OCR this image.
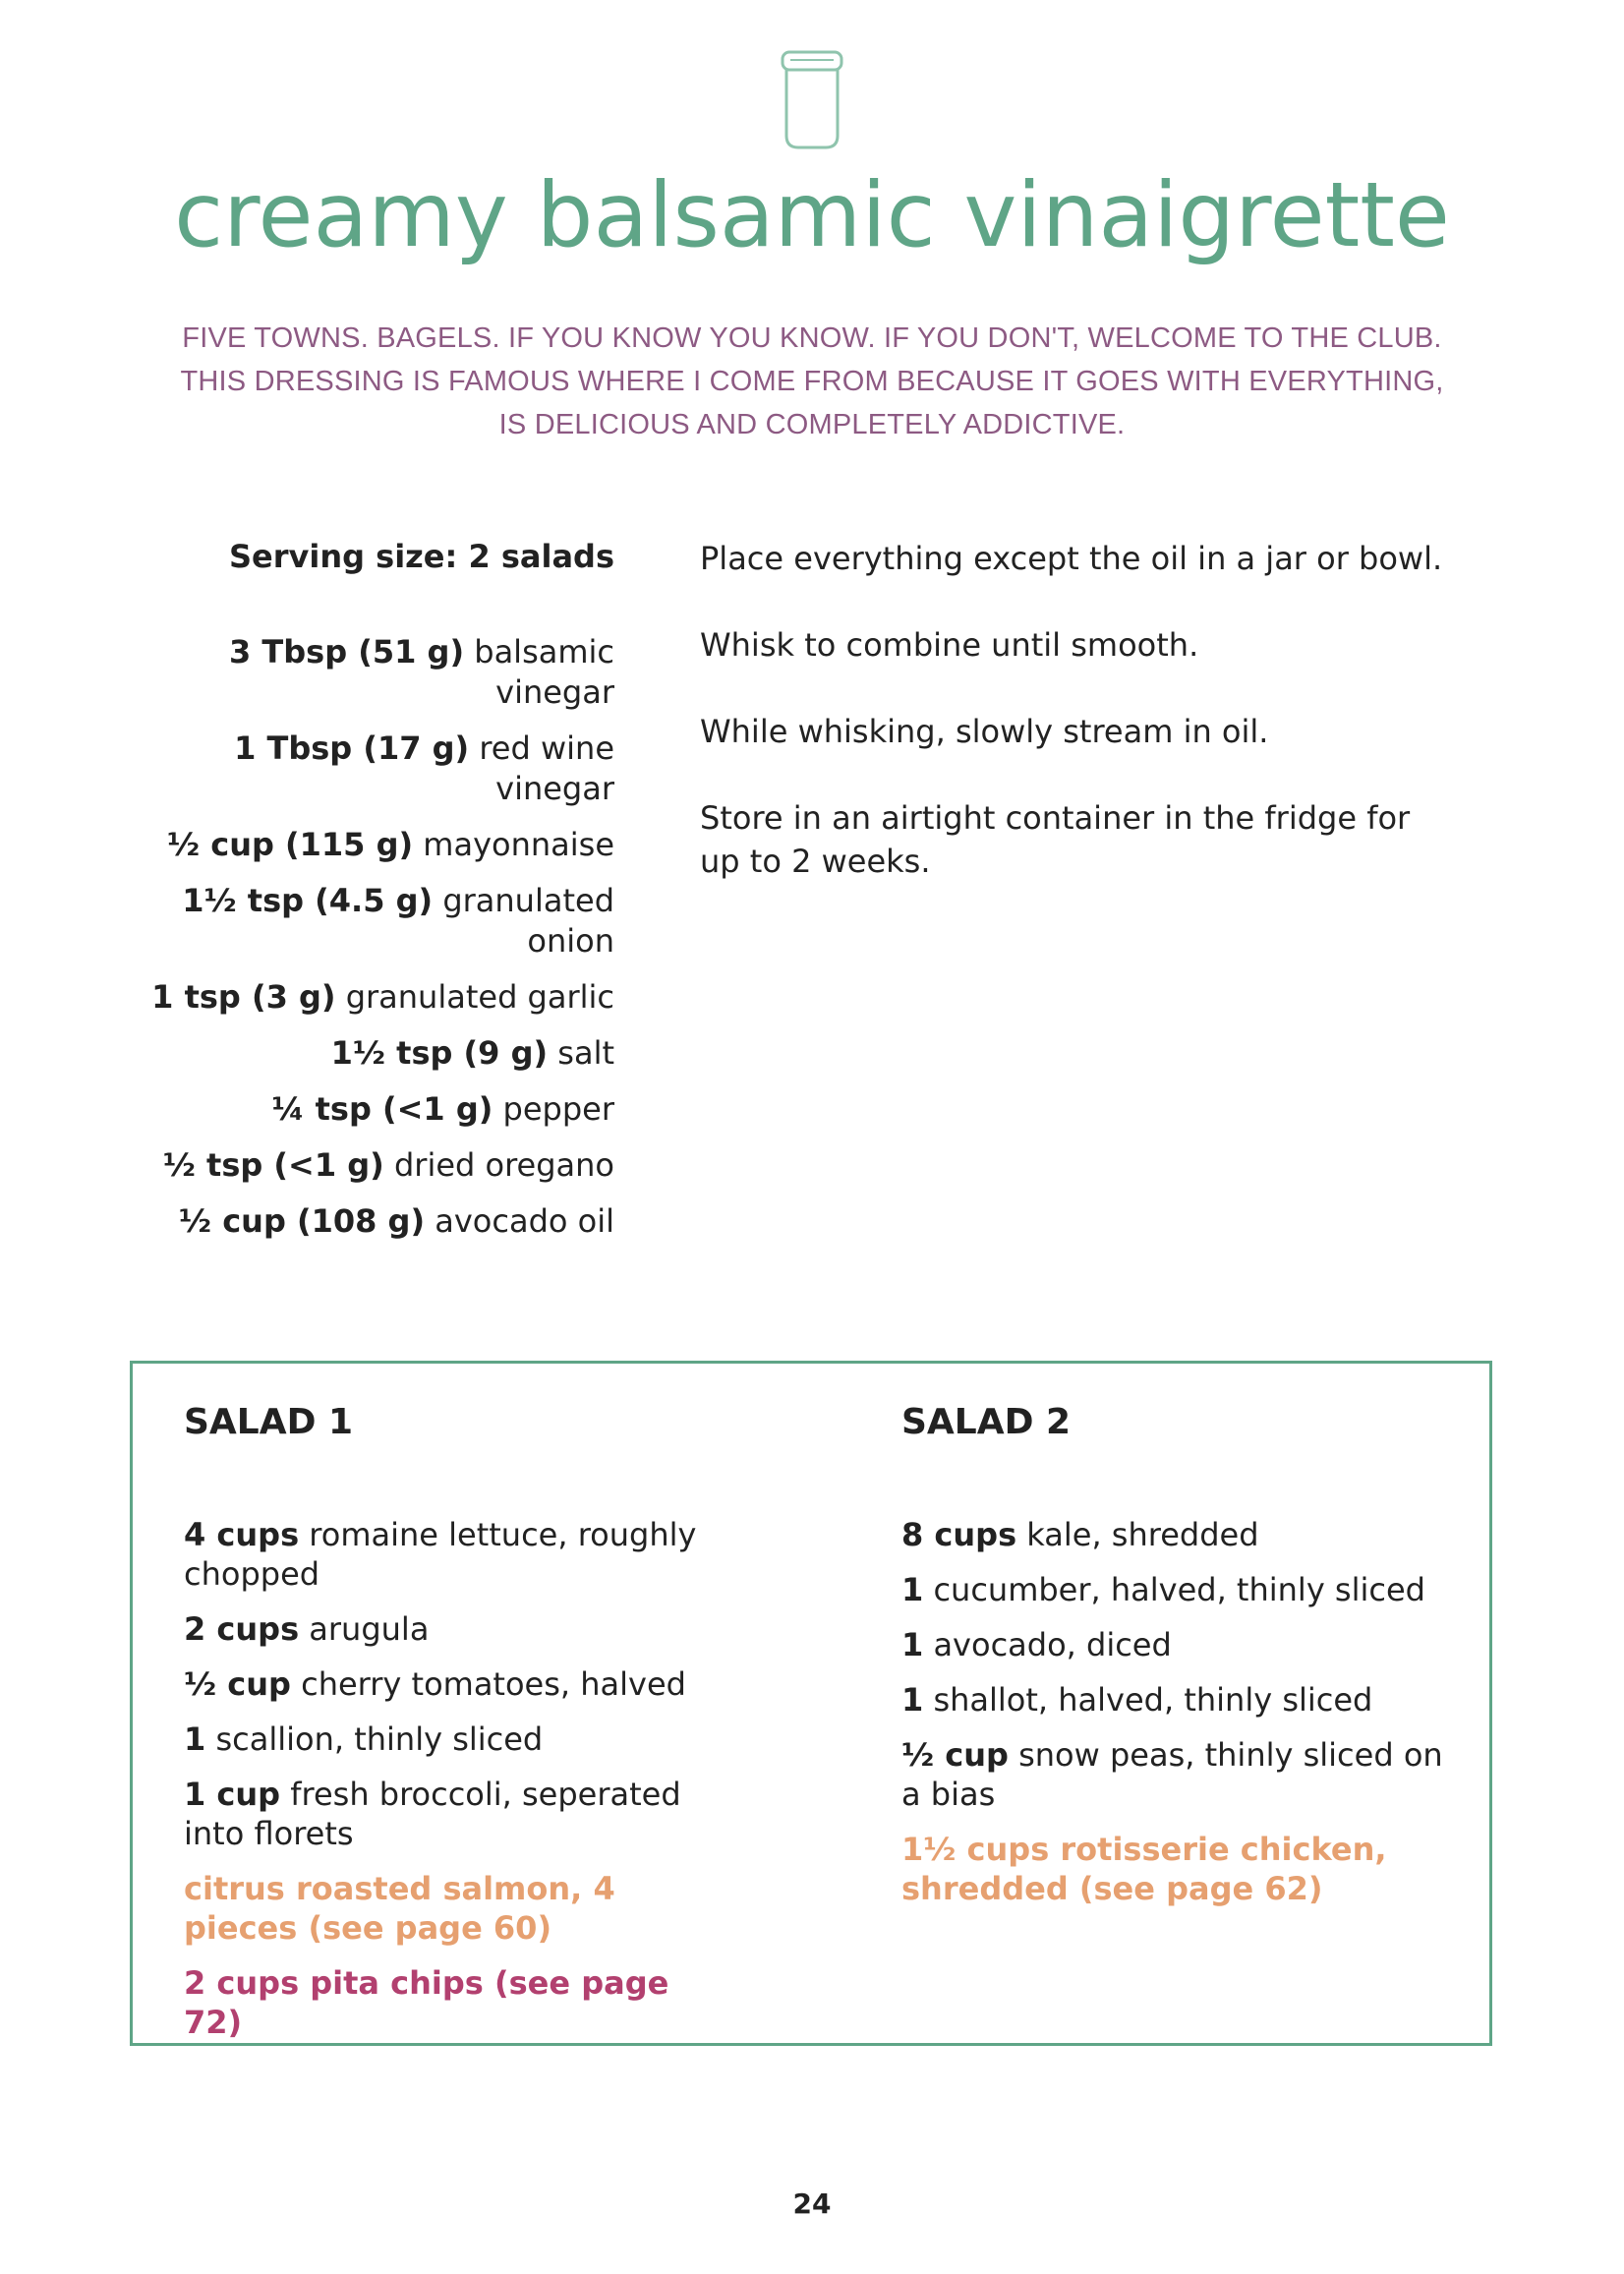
creamy balsamic vinaigrette
FIVE TOWNS. BAGELS. IF YOU KNOW YOU KNOW. IF YOU DON'T, WELCOME TO THE CLUB.
THIS DRESSING IS FAMOUS WHERE I COME FROM BECAUSE IT GOES WITH EVERYTHING,
IS DELICIOUS AND COMPLETELY ADDICTIVE.
Serving size: 2 salads
3 Tbsp (51 g) balsamic vinegar
1 Tbsp (17 g) red wine vinegar
½ cup (115 g) mayonnaise
1½ tsp (4.5 g) granulated onion
1 tsp (3 g) granulated garlic
1½ tsp (9 g) salt
¼ tsp (<1 g) pepper
½ tsp (<1 g) dried oregano
½ cup (108 g) avocado oil
Place everything except the oil in a jar or bowl.
Whisk to combine until smooth.
While whisking, slowly stream in oil.
Store in an airtight container in the fridge for up to 2 weeks.
SALAD 1
4 cups romaine lettuce, roughly chopped
2 cups arugula
½ cup cherry tomatoes, halved
1 scallion, thinly sliced
1 cup fresh broccoli, seperated into florets
citrus roasted salmon, 4 pieces (see page 60)
2 cups pita chips (see page 72)
SALAD 2
8 cups kale, shredded
1 cucumber, halved, thinly sliced
1 avocado, diced
1 shallot, halved, thinly sliced
½ cup snow peas, thinly sliced on a bias
1½ cups rotisserie chicken, shredded (see page 62)
24
